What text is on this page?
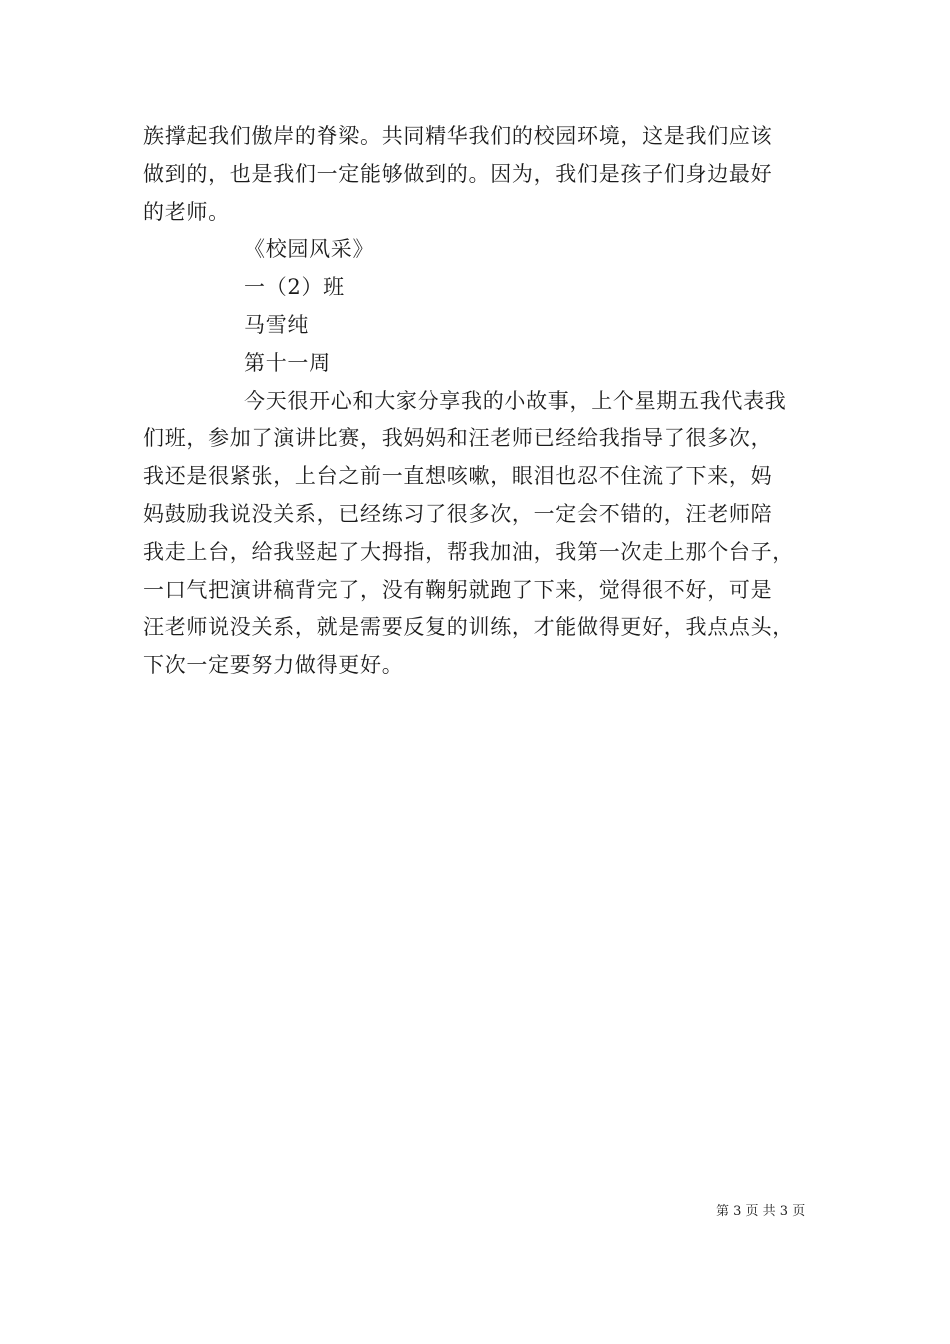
族撑起我们傲岸的脊梁。共同精华我们的校园环境，这是我们应该
做到的，也是我们一定能够做到的。因为，我们是孩子们身边最好
的老师。
《校园风采》
一（2）班
马雪纯
第十一周
今天很开心和大家分享我的小故事，上个星期五我代表我
们班，参加了演讲比赛，我妈妈和汪老师已经给我指导了很多次，
我还是很紧张，上台之前一直想咳嗽，眼泪也忍不住流了下来，妈
妈鼓励我说没关系，已经练习了很多次，一定会不错的，汪老师陪
我走上台，给我竖起了大拇指，帮我加油，我第一次走上那个台子，
一口气把演讲稿背完了，没有鞠躬就跑了下来，觉得很不好，可是
汪老师说没关系，就是需要反复的训练，才能做得更好，我点点头，
下次一定要努力做得更好。
第 3 页 共 3 页
